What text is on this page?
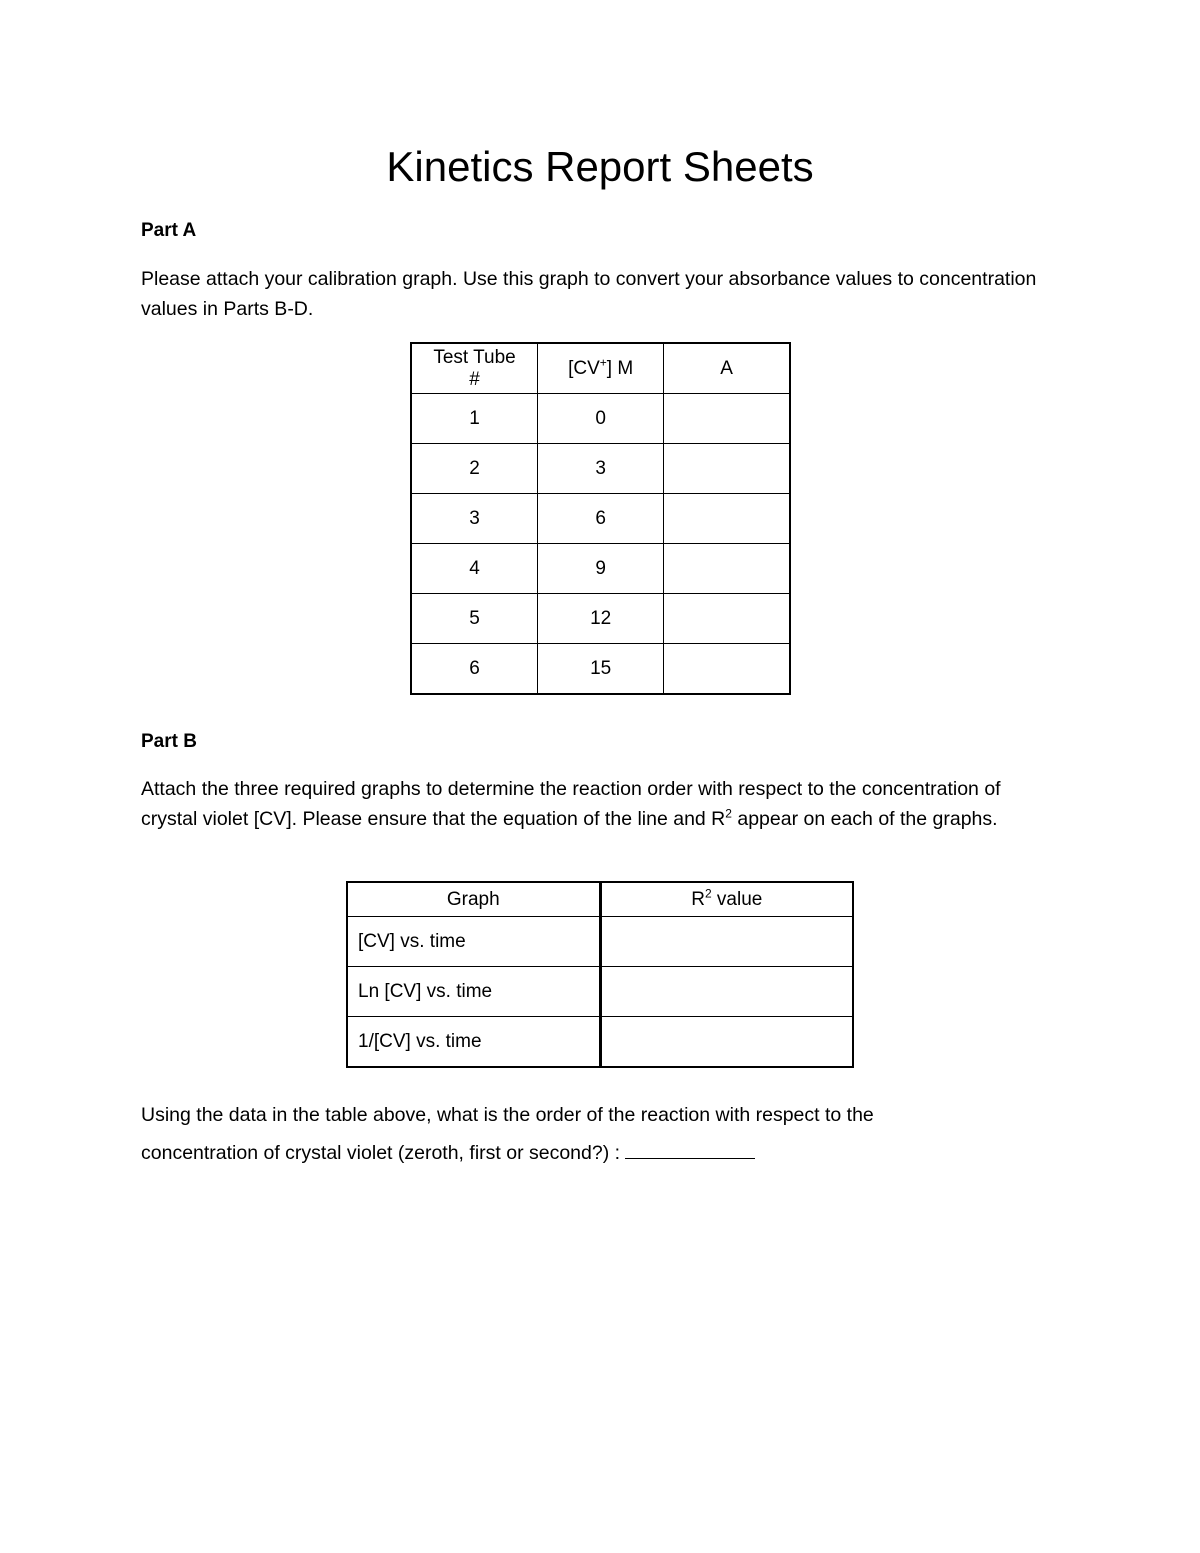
Kinetics Report Sheets
Part A

Please attach your calibration graph. Use this graph to convert your absorbance values to concentration values in Parts B-D.

Test Tube
#	[CV+] M	A
1	0	
2	3	
3	6	
4	9	
5	12	
6	15	
Part B

Attach the three required graphs to determine the reaction order with respect to the concentration of crystal violet [CV]. Please ensure that the equation of the line and $R^2$ appear on each of the graphs.

Graph	$R^2$ value
[CV] vs. time	
Ln [CV] vs. time	
1/[CV] vs. time	

Using the data in the table above, what is the order of the reaction with respect to the
concentration of crystal violet (zeroth, first or second?) :
